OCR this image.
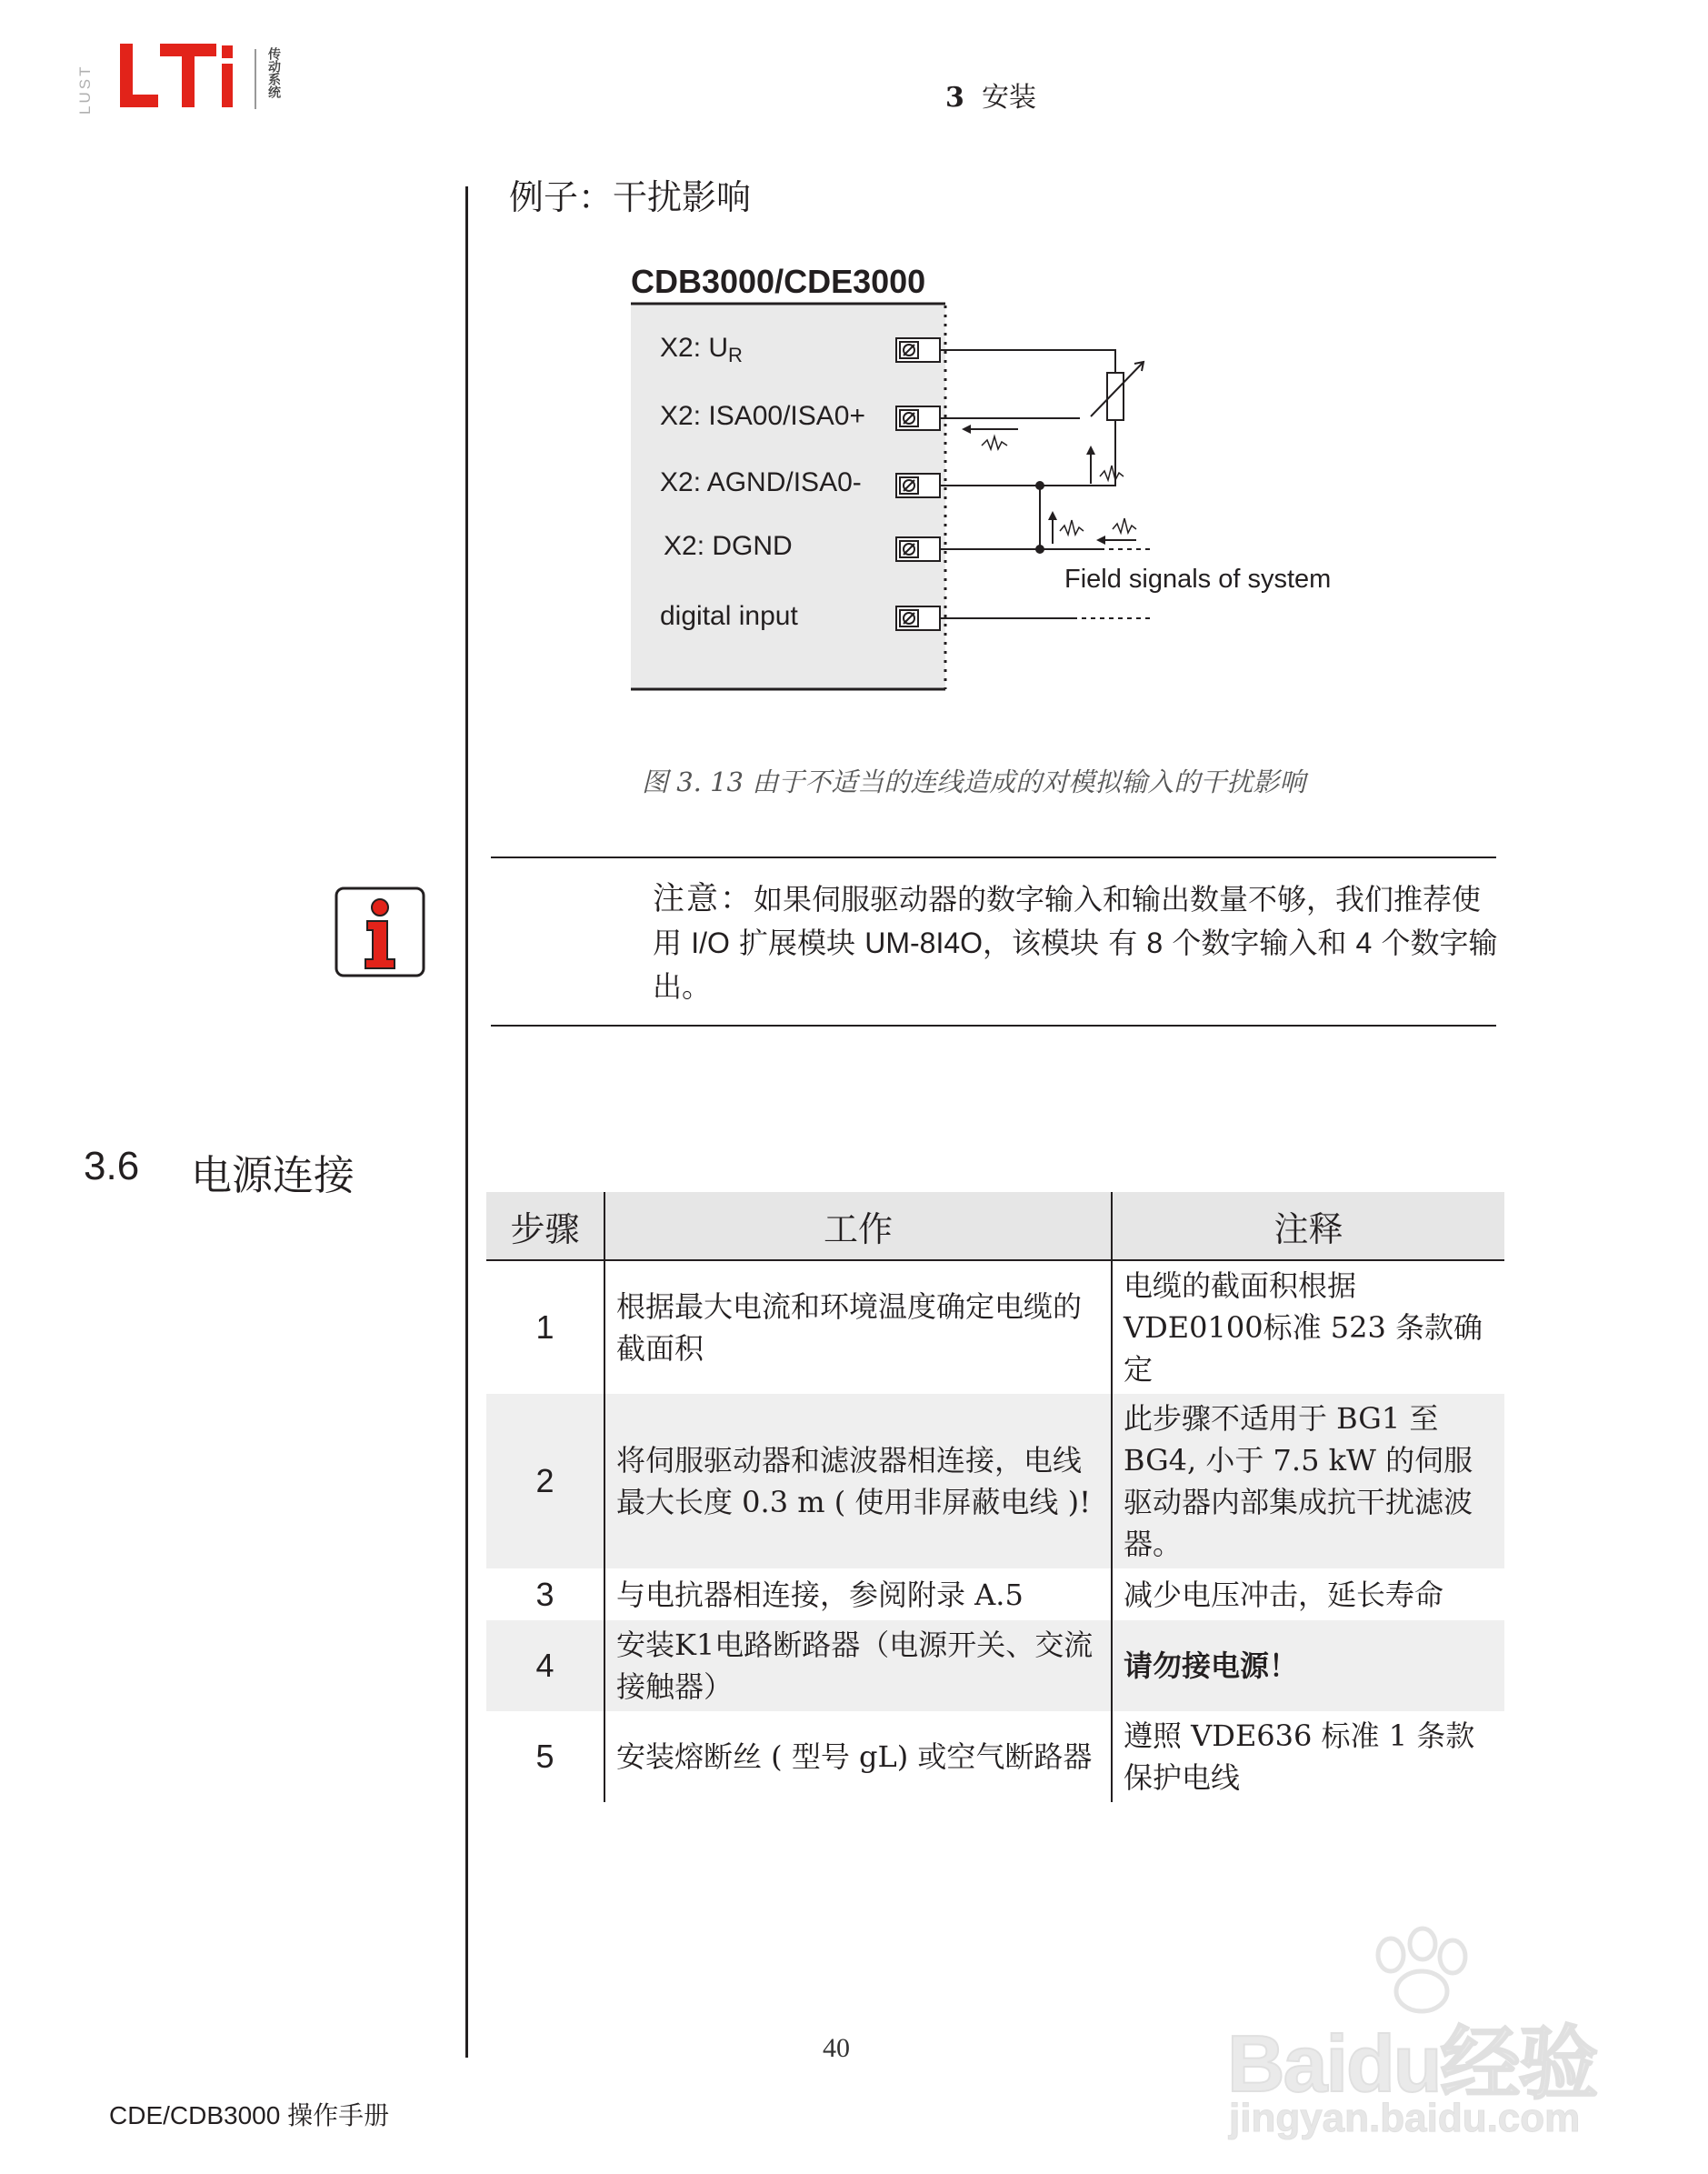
LUST	LTi
传动系统	3 安装
例子：干扰影响
CDB3000/CDE3000
X2: $U_R$
X2: ISA00/ISA0+
X2: AGND/ISA0-
X2: DGND
digital input
Field signals of system
图 3. 13 由于不适当的连线造成的对模拟输入的干扰影响
注意：如果伺服驱动器的数字输入和输出数量不够，我们推荐使用 I/O 扩展模块 UM-8I4O，该模块 有 8 个数字输入和 4 个数字输出。
3.6 电源连接
步骤	工作	注释
1	根据最大电流和环境温度确定电缆的截面积	电缆的截面积根据 VDE0100标准 523 条款确定
2	将伺服驱动器和滤波器相连接，电线最大长度 0.3 m ( 使用非屏蔽电线 )!	此步骤不适用于 BG1 至 BG4, 小于 7.5 kW 的伺服驱动器内部集成抗干扰滤波器。
3	与电抗器相连接，参阅附录 A.5	减少电压冲击，延长寿命
4	安装K1电路断路器（电源开关、交流接触器）	请勿接电源！
5	安装熔断丝 ( 型号 gL) 或空气断路器	遵照 VDE636 标准 1 条款保护电线
40
CDE/CDB3000 操作手册
Baidu经验
jingyan.baidu.com
